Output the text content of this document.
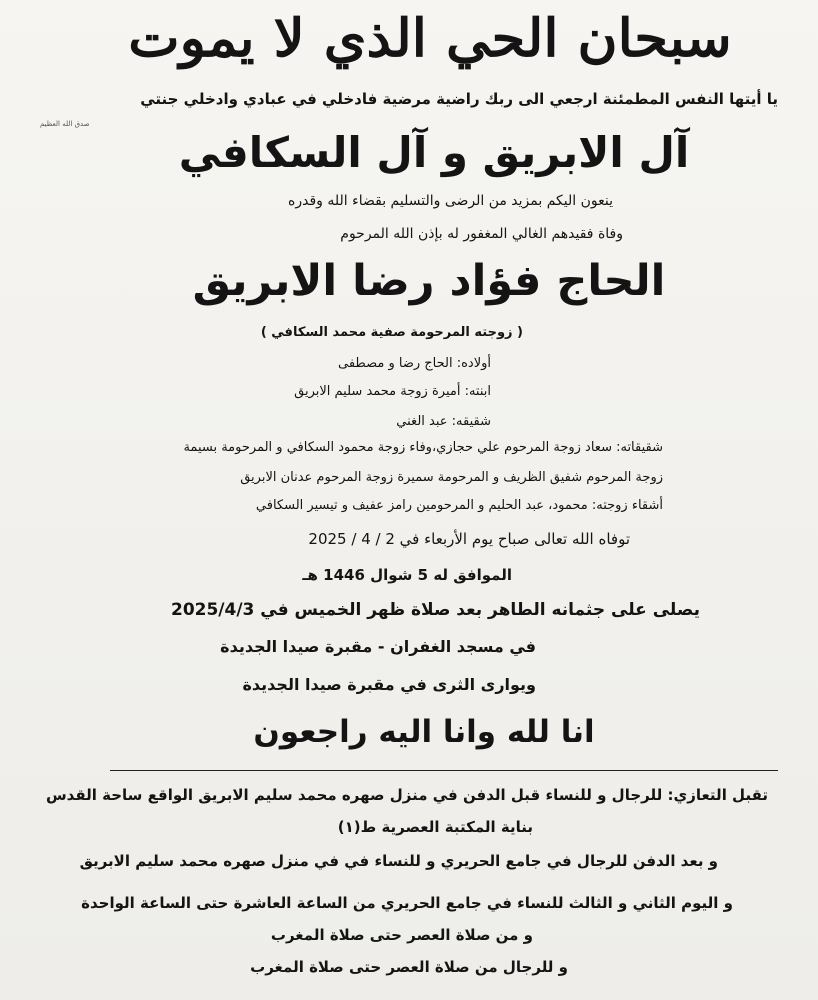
سبحان الحي الذي لا يموت
يا أيتها النفس المطمئنة ارجعي الى ربك راضية مرضية فادخلي في عبادي وادخلي جنتي
صدق الله العظيم
آل الابريق و آل السكافي
ينعون اليكم بمزيد من الرضى والتسليم بقضاء الله وقدره
وفاة فقيدهم الغالي المغفور له بإذن الله المرحوم
الحاج فؤاد رضا الابريق
( زوجته المرحومة صفية محمد السكافي )
أولاده: الحاج رضا و مصطفى
ابنته: أميرة زوجة محمد سليم الابريق
شقيقه: عبد الغني
شقيقاته: سعاد زوجة المرحوم علي حجازي،وفاء زوجة محمود السكافي و المرحومة بسيمة
زوجة المرحوم شفيق الظريف و المرحومة سميرة زوجة المرحوم عدنان الابريق
أشقاء زوجته: محمود، عبد الحليم و المرحومين رامز عفيف و تيسير السكافي
توفاه الله تعالى صباح يوم الأربعاء في 2 / 4 / 2025
الموافق له 5 شوال 1446 هـ
يصلى على جثمانه الطاهر بعد صلاة ظهر الخميس في 2025/4/3
في مسجد الغفران - مقبرة صيدا الجديدة
ويوارى الثرى في مقبرة صيدا الجديدة
انا لله وانا اليه راجعون
تقبل التعازي: للرجال و للنساء قبل الدفن في منزل صهره محمد سليم الابريق الواقع ساحة القدس
بناية المكتبة العصرية ط(١)
و بعد الدفن للرجال في جامع الحريري و للنساء في في منزل صهره محمد سليم الابريق
و اليوم الثاني و الثالث للنساء في جامع الحريري من الساعة العاشرة حتى الساعة الواحدة
و من صلاة العصر حتى صلاة المغرب
و للرجال من صلاة العصر حتى صلاة المغرب
